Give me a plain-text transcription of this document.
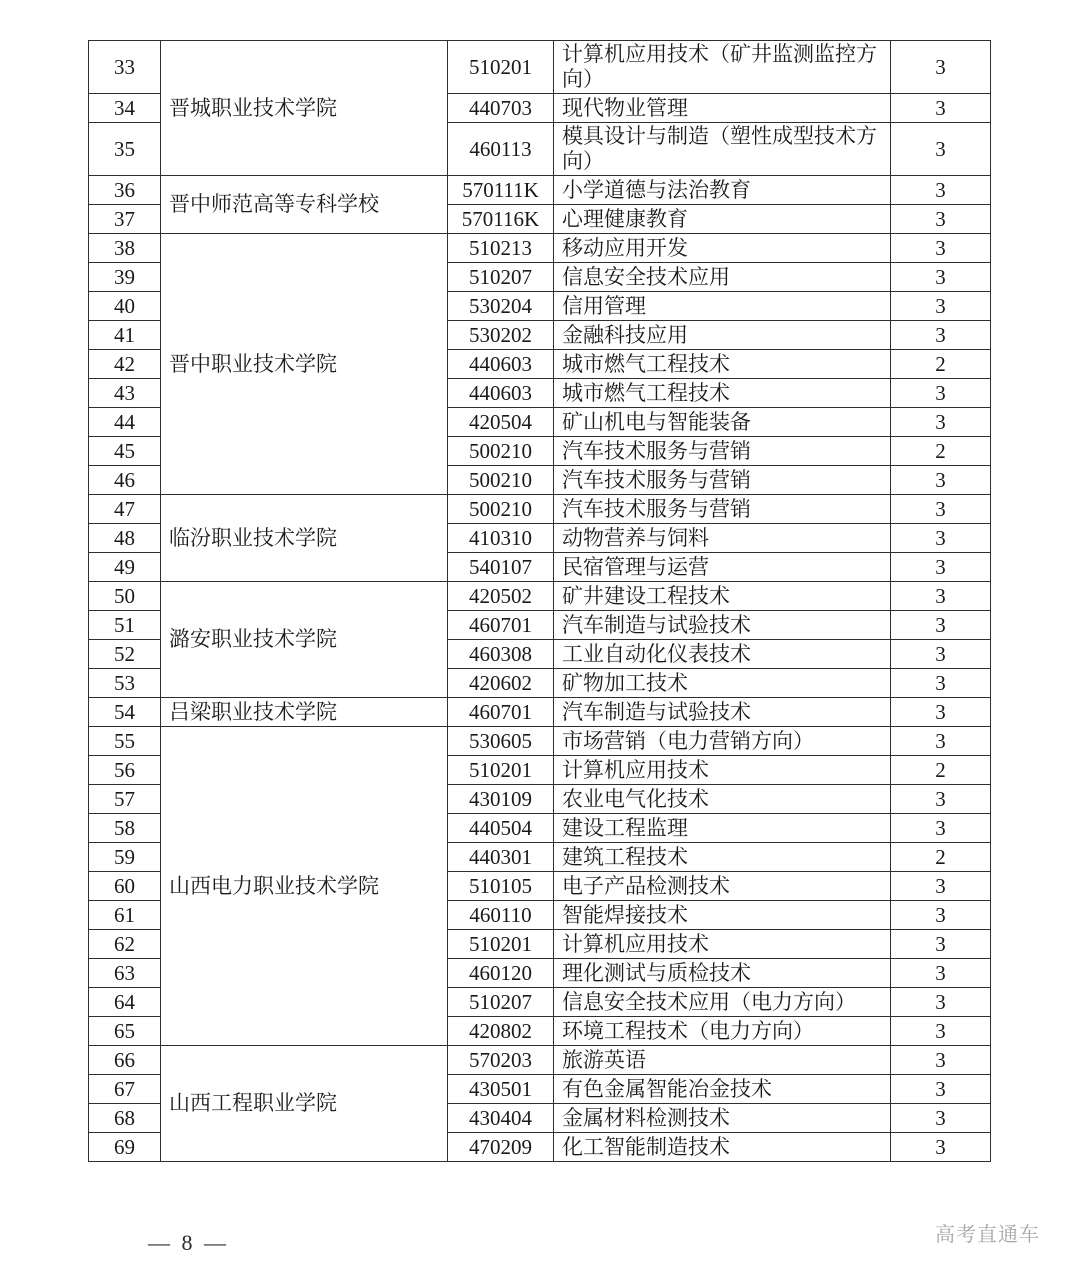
33	晋城职业技术学院	510201	计算机应用技术（矿井监测监控方向）	3
34		440703	现代物业管理	3
35		460113	模具设计与制造（塑性成型技术方向）	3
36	晋中师范高等专科学校	570111K	小学道德与法治教育	3
37		570116K	心理健康教育	3
38	晋中职业技术学院	510213	移动应用开发	3
39		510207	信息安全技术应用	3
40		530204	信用管理	3
41		530202	金融科技应用	3
42		440603	城市燃气工程技术	2
43		440603	城市燃气工程技术	3
44		420504	矿山机电与智能装备	3
45		500210	汽车技术服务与营销	2
46		500210	汽车技术服务与营销	3
47	临汾职业技术学院	500210	汽车技术服务与营销	3
48		410310	动物营养与饲料	3
49		540107	民宿管理与运营	3
50	潞安职业技术学院	420502	矿井建设工程技术	3
51		460701	汽车制造与试验技术	3
52		460308	工业自动化仪表技术	3
53		420602	矿物加工技术	3
54	吕梁职业技术学院	460701	汽车制造与试验技术	3
55	山西电力职业技术学院	530605	市场营销（电力营销方向）	3
56		510201	计算机应用技术	2
57		430109	农业电气化技术	3
58		440504	建设工程监理	3
59		440301	建筑工程技术	2
60		510105	电子产品检测技术	3
61		460110	智能焊接技术	3
62		510201	计算机应用技术	3
63		460120	理化测试与质检技术	3
64		510207	信息安全技术应用（电力方向）	3
65		420802	环境工程技术（电力方向）	3
66	山西工程职业学院	570203	旅游英语	3
67		430501	有色金属智能冶金技术	3
68		430404	金属材料检测技术	3
69		470209	化工智能制造技术	3
— 8 —	高考直通车
